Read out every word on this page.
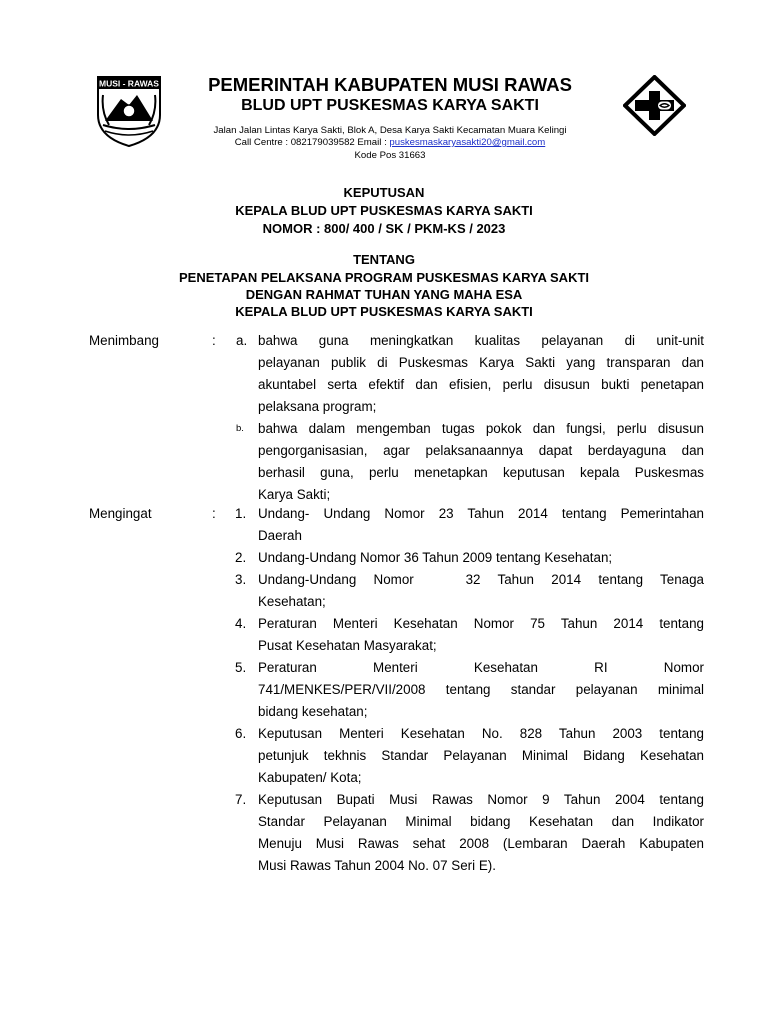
MUSI - RAWAS	PEMERINTAH KABUPATEN MUSI RAWAS
BLUD UPT PUSKESMAS KARYA SAKTI
Jalan Jalan Lintas Karya Sakti, Blok A, Desa Karya Sakti Kecamatan Muara Kelingi
Call Centre : 082179039582 Email : puskesmaskaryasakti20@gmail.com
Kode Pos 31663
KEPUTUSAN
KEPALA BLUD UPT PUSKESMAS KARYA SAKTI
NOMOR : 800/ 400 / SK / PKM-KS / 2023
TENTANG
PENETAPAN PELAKSANA PROGRAM PUSKESMAS KARYA SAKTI
DENGAN RAHMAT TUHAN YANG MAHA ESA
KEPALA BLUD UPT PUSKESMAS KARYA SAKTI
Menimbang	: a. bahwa guna meningkatkan kualitas pelayanan di unit-unit
pelayanan publik di Puskesmas Karya Sakti yang transparan dan
akuntabel serta efektif dan efisien, perlu disusun bukti penetapan
pelaksana program;
b. bahwa dalam mengemban tugas pokok dan fungsi, perlu disusun
pengorganisasian, agar pelaksanaannya dapat berdayaguna dan
berhasil guna, perlu menetapkan keputusan kepala Puskesmas
Karya Sakti;
Mengingat	: 1. Undang- Undang Nomor 23 Tahun 2014 tentang Pemerintahan
Daerah
2. Undang-Undang Nomor 36 Tahun 2009 tentang Kesehatan;
3. Undang-Undang Nomor   32 Tahun 2014 tentang Tenaga
Kesehatan;
4. Peraturan Menteri Kesehatan Nomor 75 Tahun 2014 tentang
Pusat Kesehatan Masyarakat;
5. Peraturan Menteri Kesehatan RI Nomor
741/MENKES/PER/VII/2008 tentang standar pelayanan minimal
bidang kesehatan;
6. Keputusan Menteri Kesehatan No. 828 Tahun 2003 tentang
petunjuk tekhnis Standar Pelayanan Minimal Bidang Kesehatan
Kabupaten/ Kota;
7. Keputusan Bupati Musi Rawas Nomor 9 Tahun 2004 tentang
Standar Pelayanan Minimal bidang Kesehatan dan Indikator
Menuju Musi Rawas sehat 2008 (Lembaran Daerah Kabupaten
Musi Rawas Tahun 2004 No. 07 Seri E).
